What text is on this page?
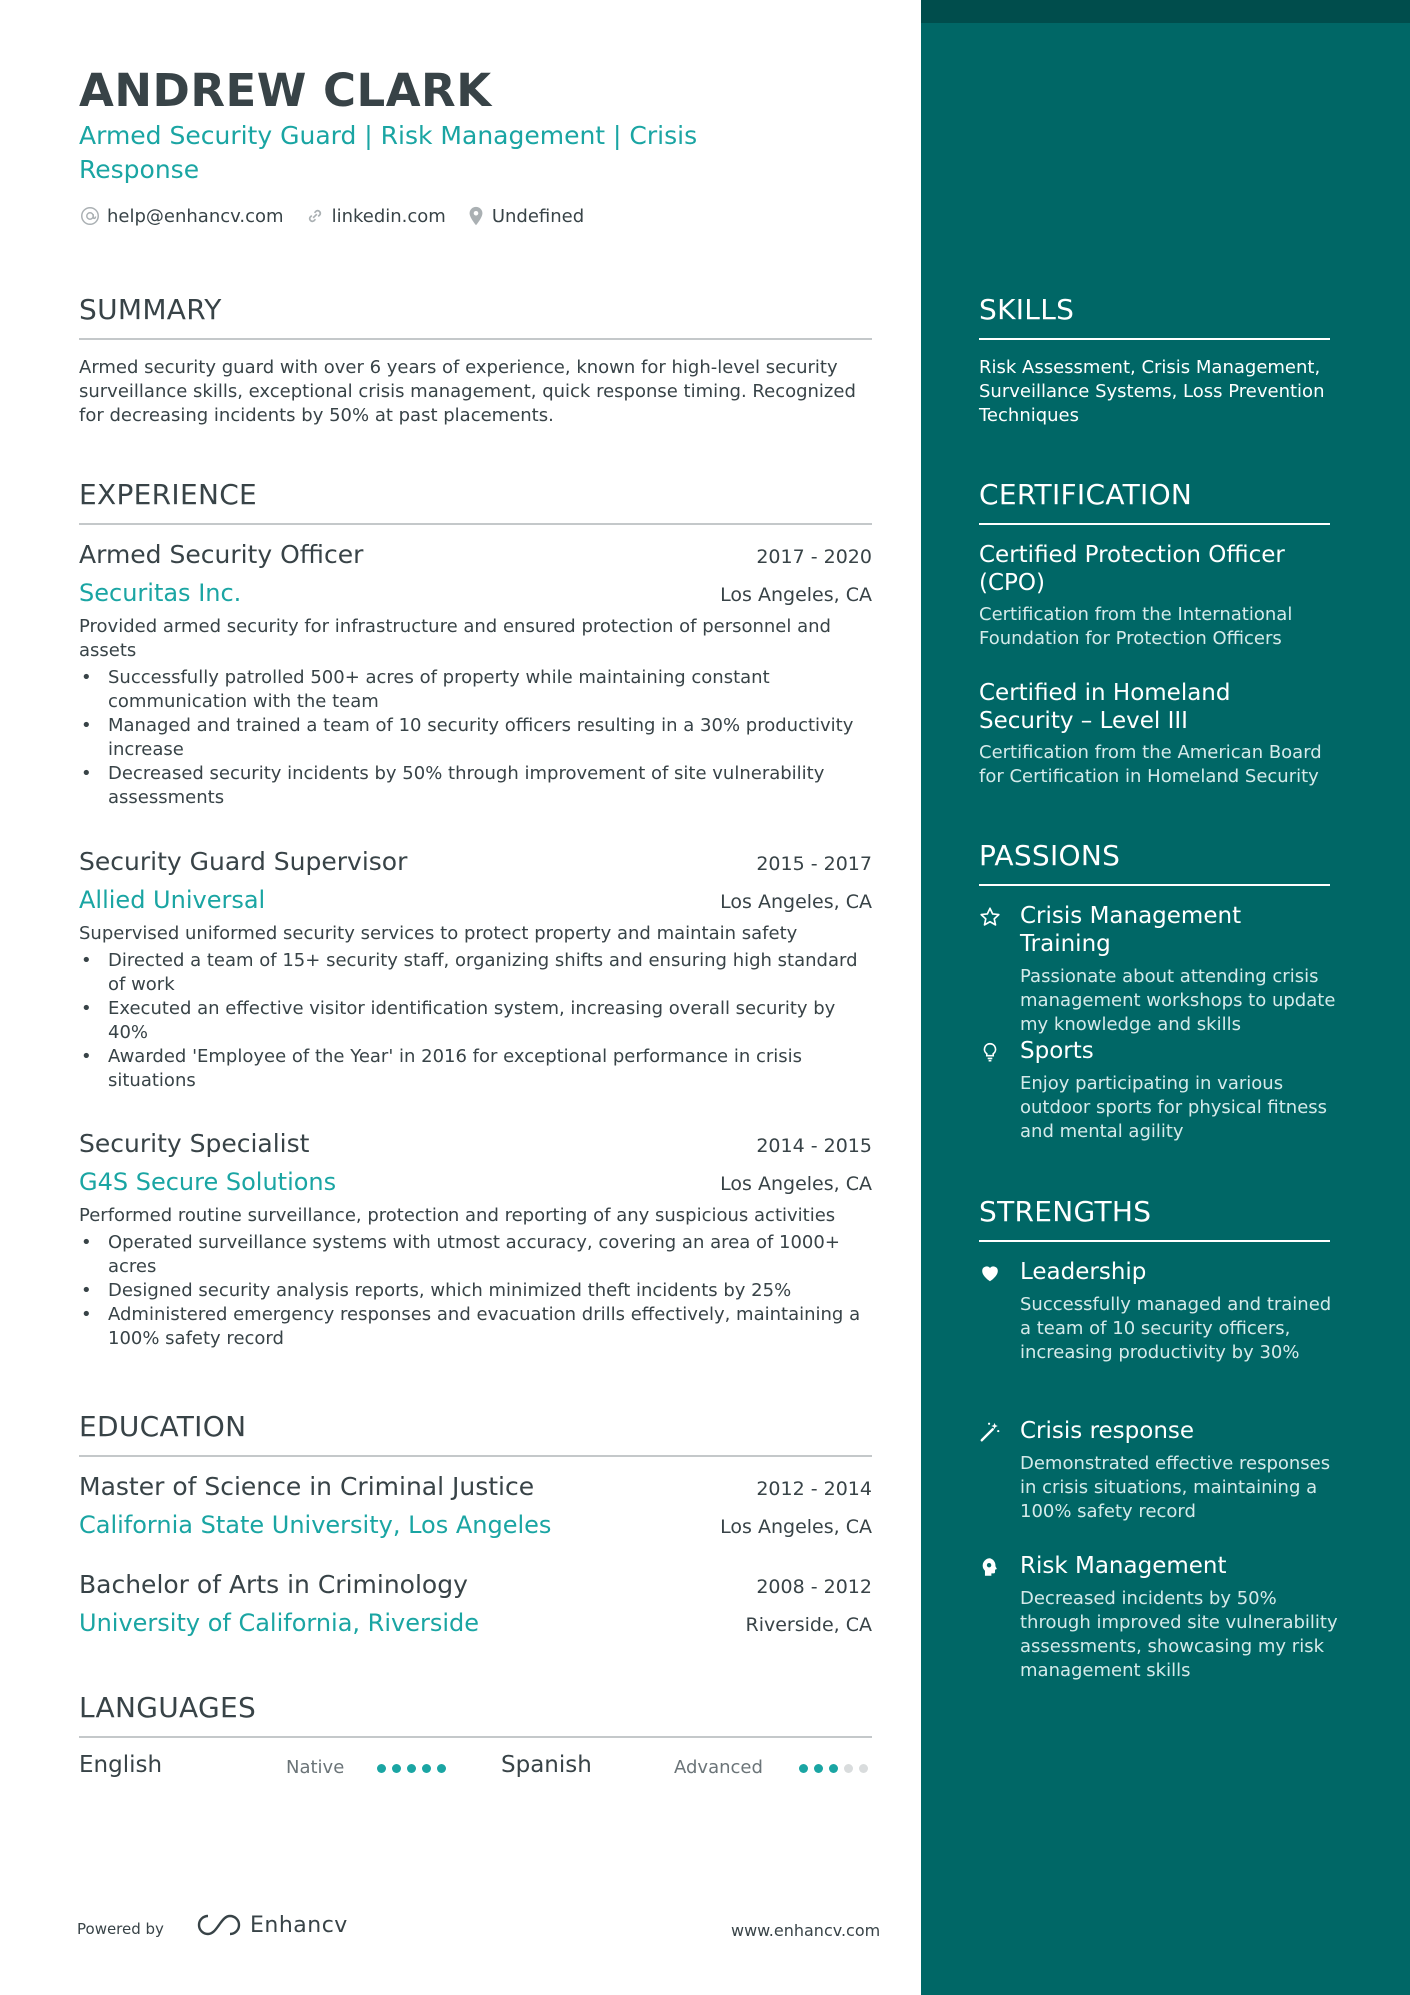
ANDREW CLARK
Armed Security Guard | Risk Management | Crisis Response
help@enhancv.com	linkedin.com	Undefined
SUMMARY
Armed security guard with over 6 years of experience, known for high-level security surveillance skills, exceptional crisis management, quick response timing. Recognized for decreasing incidents by 50% at past placements.
EXPERIENCE
Armed Security Officer	2017 - 2020
Securitas Inc.	Los Angeles, CA
Provided armed security for infrastructure and ensured protection of personnel and assets
• Successfully patrolled 500+ acres of property while maintaining constant communication with the team
• Managed and trained a team of 10 security officers resulting in a 30% productivity increase
• Decreased security incidents by 50% through improvement of site vulnerability assessments
Security Guard Supervisor	2015 - 2017
Allied Universal	Los Angeles, CA
Supervised uniformed security services to protect property and maintain safety
• Directed a team of 15+ security staff, organizing shifts and ensuring high standard of work
• Executed an effective visitor identification system, increasing overall security by 40%
• Awarded 'Employee of the Year' in 2016 for exceptional performance in crisis situations
Security Specialist	2014 - 2015
G4S Secure Solutions	Los Angeles, CA
Performed routine surveillance, protection and reporting of any suspicious activities
• Operated surveillance systems with utmost accuracy, covering an area of 1000+ acres
• Designed security analysis reports, which minimized theft incidents by 25%
• Administered emergency responses and evacuation drills effectively, maintaining a 100% safety record
EDUCATION
Master of Science in Criminal Justice	2012 - 2014
California State University, Los Angeles	Los Angeles, CA
Bachelor of Arts in Criminology	2008 - 2012
University of California, Riverside	Riverside, CA
LANGUAGES
English	Native	Spanish	Advanced
Powered by	Enhancv	www.enhancv.com
SKILLS
Risk Assessment, Crisis Management, Surveillance Systems, Loss Prevention Techniques
CERTIFICATION
Certified Protection Officer (CPO)
Certification from the International Foundation for Protection Officers
Certified in Homeland Security – Level III
Certification from the American Board for Certification in Homeland Security
PASSIONS
Crisis Management Training
Passionate about attending crisis management workshops to update my knowledge and skills
Sports
Enjoy participating in various outdoor sports for physical fitness and mental agility
STRENGTHS
Leadership
Successfully managed and trained a team of 10 security officers, increasing productivity by 30%
Crisis response
Demonstrated effective responses in crisis situations, maintaining a 100% safety record
Risk Management
Decreased incidents by 50% through improved site vulnerability assessments, showcasing my risk management skills
